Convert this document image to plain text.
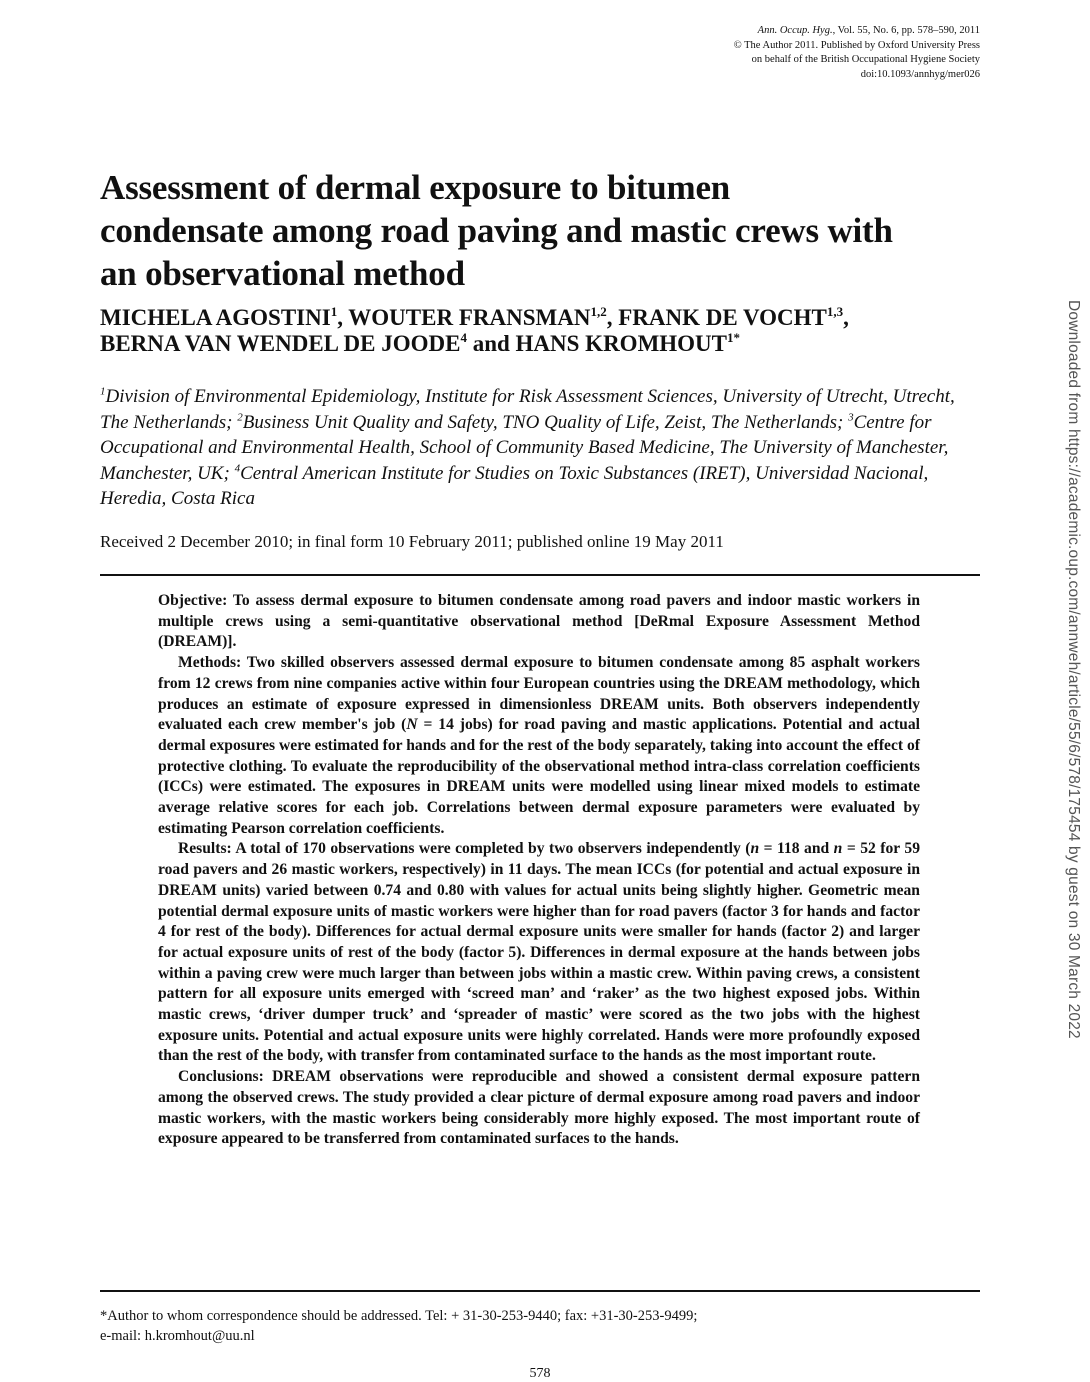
Ann. Occup. Hyg., Vol. 55, No. 6, pp. 578–590, 2011
© The Author 2011. Published by Oxford University Press
on behalf of the British Occupational Hygiene Society
doi:10.1093/annhyg/mer026
Assessment of dermal exposure to bitumen
condensate among road paving and mastic crews with
an observational method
MICHELA AGOSTINI$^1$, WOUTER FRANSMAN$^{1,2}$, FRANK DE VOCHT$^{1,3}$,
BERNA VAN WENDEL DE JOODE$^4$ and HANS $KROMHOUT^{1*}$
$^1$Division of Environmental Epidemiology, Institute for Risk Assessment Sciences, University of Utrecht, Utrecht, The Netherlands; $^2$Business Unit Quality and Safety, TNO Quality of Life, Zeist, The Netherlands; $^3$Centre for Occupational and Environmental Health, School of Community Based Medicine, The University of Manchester, Manchester, UK; $^4$Central American Institute for Studies on Toxic Substances (IRET), Universidad Nacional, Heredia, Costa Rica
Received 2 December 2010; in final form 10 February 2011; published online 19 May 2011

Objective: To assess dermal exposure to bitumen condensate among road pavers and indoor mastic workers in multiple crews using a semi-quantitative observational method [DeRmal Exposure Assessment Method (DREAM)].

Methods: Two skilled observers assessed dermal exposure to bitumen condensate among 85 asphalt workers from 12 crews from nine companies active within four European countries using the DREAM methodology, which produces an estimate of exposure expressed in dimensionless DREAM units. Both observers independently evaluated each crew member's job (N = 14 jobs) for road paving and mastic applications. Potential and actual dermal exposures were estimated for hands and for the rest of the body separately, taking into account the effect of protective clothing. To evaluate the reproducibility of the observational method intra-class correlation coefficients (ICCs) were estimated. The exposures in DREAM units were modelled using linear mixed models to estimate average relative scores for each job. Correlations between dermal exposure parameters were evaluated by estimating Pearson correlation coefficients.

Results: A total of 170 observations were completed by two observers independently (n = 118 and n = 52 for 59 road pavers and 26 mastic workers, respectively) in 11 days. The mean ICCs (for potential and actual exposure in DREAM units) varied between 0.74 and 0.80 with values for actual units being slightly higher. Geometric mean potential dermal exposure units of mastic workers were higher than for road pavers (factor 3 for hands and factor 4 for rest of the body). Differences for actual dermal exposure units were smaller for hands (factor 2) and larger for actual exposure units of rest of the body (factor 5). Differences in dermal exposure at the hands between jobs within a paving crew were much larger than between jobs within a mastic crew. Within paving crews, a consistent pattern for all exposure units emerged with ‘screed man’ and ‘raker’ as the two highest exposed jobs. Within mastic crews, ‘driver dumper truck’ and ‘spreader of mastic’ were scored as the two jobs with the highest exposure units. Potential and actual exposure units were highly correlated. Hands were more profoundly exposed than the rest of the body, with transfer from contaminated surface to the hands as the most important route.

Conclusions: DREAM observations were reproducible and showed a consistent dermal exposure pattern among the observed crews. The study provided a clear picture of dermal exposure among road pavers and indoor mastic workers, with the mastic workers being considerably more highly exposed. The most important route of exposure appeared to be transferred from contaminated surfaces to the hands.

*Author to whom correspondence should be addressed. Tel: + 31-30-253-9440; fax: +31-30-253-9499;
e-mail: h.kromhout@uu.nl
578
Downloaded from https://academic.oup.com/annweh/article/55/6/578/175454 by guest on 30 March 2022
